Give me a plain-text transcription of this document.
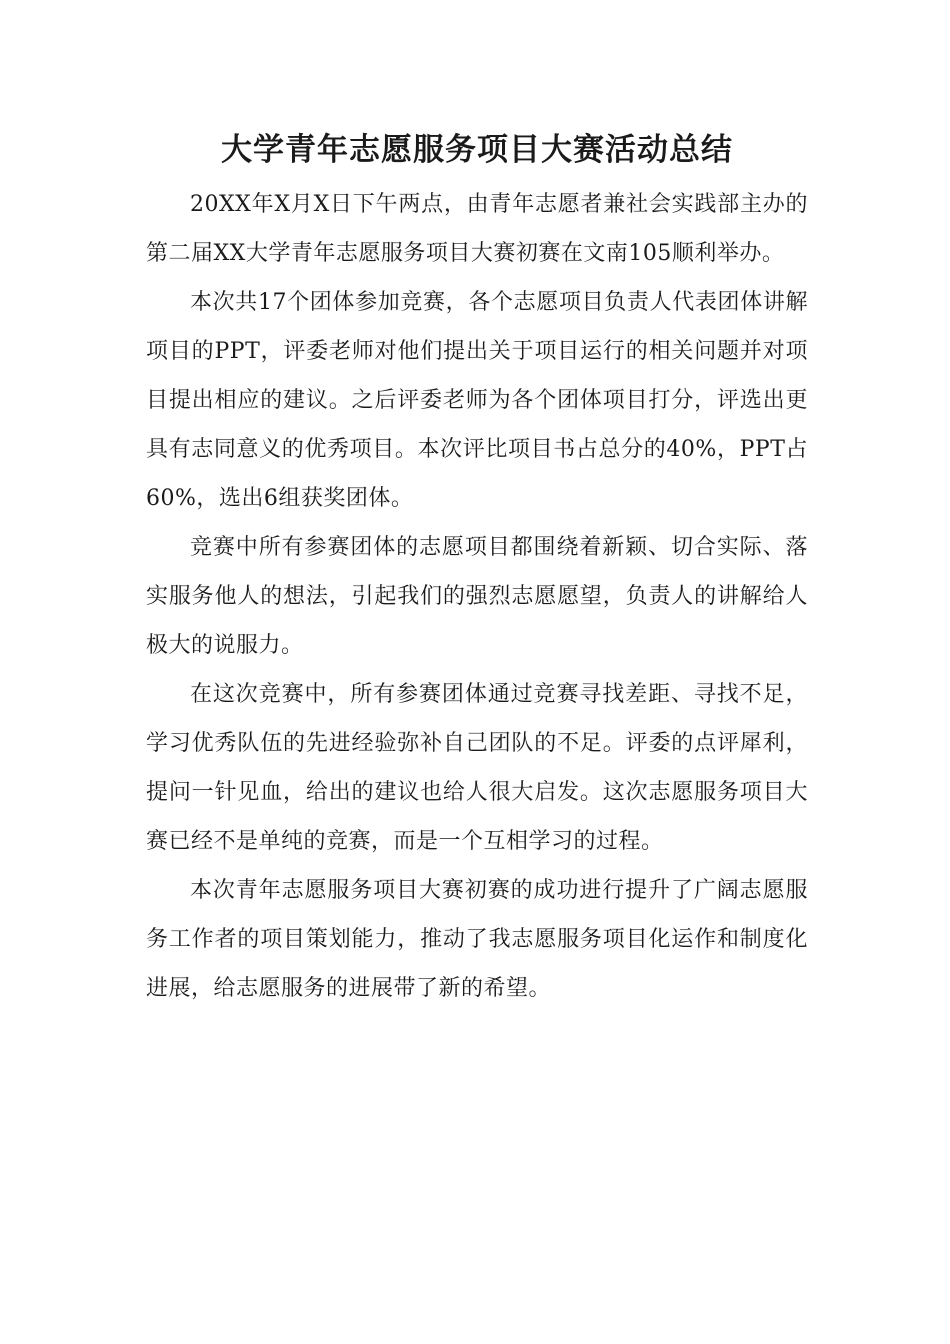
大学青年志愿服务项目大赛活动总结

20XX年X月X日下午两点，由青年志愿者兼社会实践部主办的第二届XX大学青年志愿服务项目大赛初赛在文南105顺利举办。

本次共17个团体参加竞赛，各个志愿项目负责人代表团体讲解项目的PPT，评委老师对他们提出关于项目运行的相关问题并对项目提出相应的建议。之后评委老师为各个团体项目打分，评选出更具有志同意义的优秀项目。本次评比项目书占总分的40%，PPT占60%，选出6组获奖团体。

竞赛中所有参赛团体的志愿项目都围绕着新颖、切合实际、落实服务他人的想法，引起我们的强烈志愿愿望，负责人的讲解给人极大的说服力。

在这次竞赛中，所有参赛团体通过竞赛寻找差距、寻找不足，学习优秀队伍的先进经验弥补自己团队的不足。评委的点评犀利，提问一针见血，给出的建议也给人很大启发。这次志愿服务项目大赛已经不是单纯的竞赛，而是一个互相学习的过程。

本次青年志愿服务项目大赛初赛的成功进行提升了广阔志愿服务工作者的项目策划能力，推动了我志愿服务项目化运作和制度化进展，给志愿服务的进展带了新的希望。
